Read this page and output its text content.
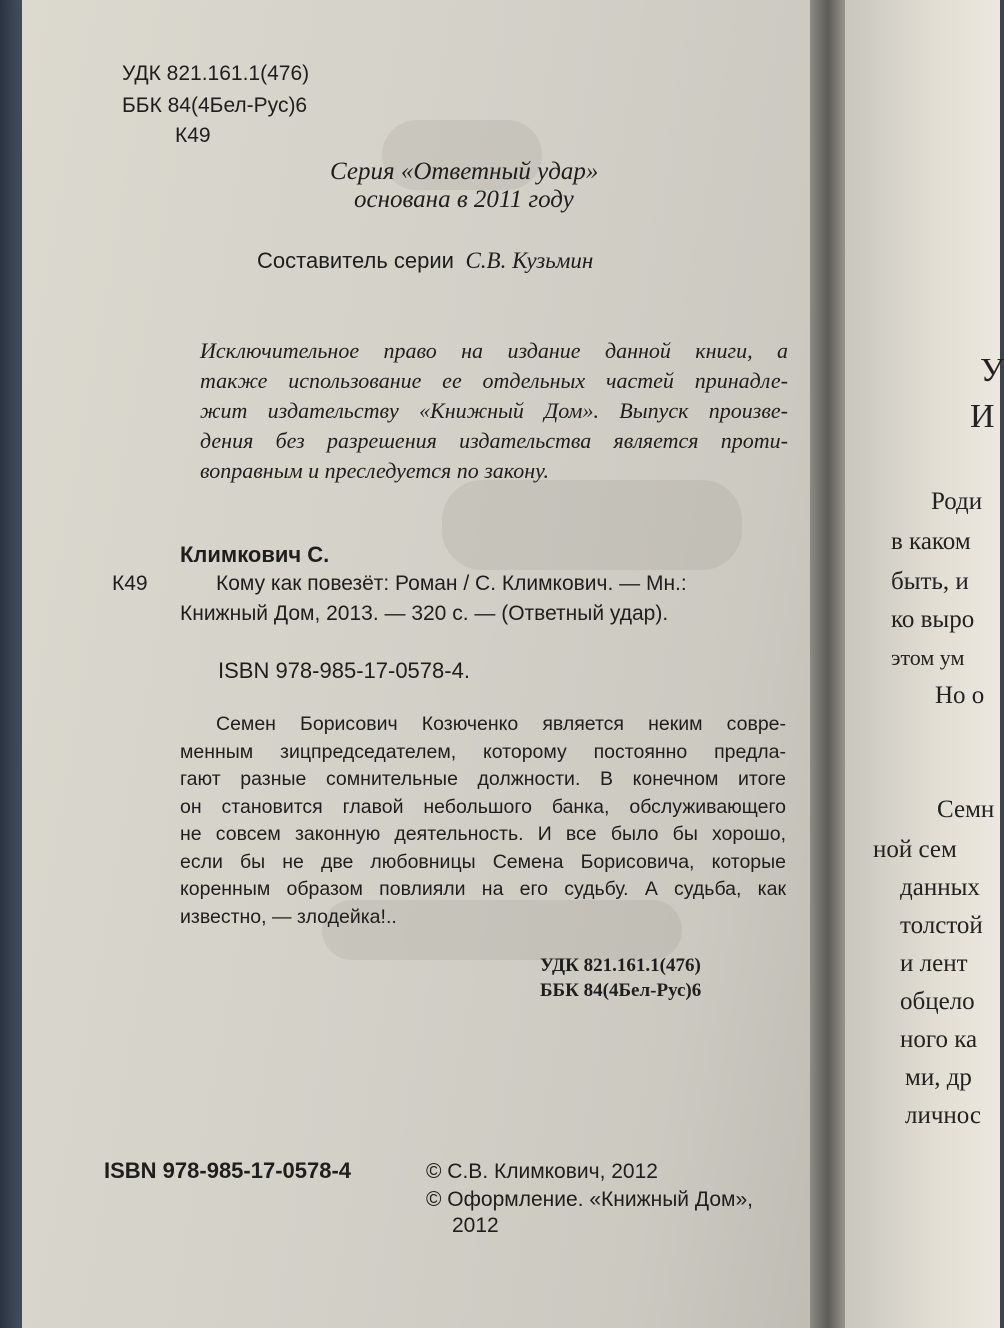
УДК 821.161.1(476)
ББК 84(4Бел-Рус)6
К49
Серия «Ответный удар»
основана в 2011 году
Составитель серии С.В. Кузьмин
Исключительное право на издание данной книги, а
также использование ее отдельных частей принадле-
жит издательству «Книжный Дом». Выпуск произве-
дения без разрешения издательства является проти-
воправным и преследуется по закону.
Климкович С.
К49	Кому как повезёт: Роман / С. Климкович. — Мн.:
Книжный Дом, 2013. — 320 с. — (Ответный удар).
ISBN 978-985-17-0578-4.
Семен Борисович Козюченко является неким совре-
менным зицпредседателем, которому постоянно предла-
гают разные сомнительные должности. В конечном итоге
он становится главой небольшого банка, обслуживающего
не совсем законную деятельность. И все было бы хорошо,
если бы не две любовницы Семена Борисовича, которые
коренным образом повлияли на его судьбу. А судьба, как
известно, — злодейка!..
УДК 821.161.1(476)
ББК 84(4Бел-Рус)6
ISBN 978-985-17-0578-4	© С.В. Климкович, 2012
© Оформление. «Книжный Дом»,
2012
У
И
Роди
в каком
быть, и
ко выро
этом ум
Но о
Семн
ной сем
данных
толстой
и лент
обцело
ного ка
ми, др
личнос
